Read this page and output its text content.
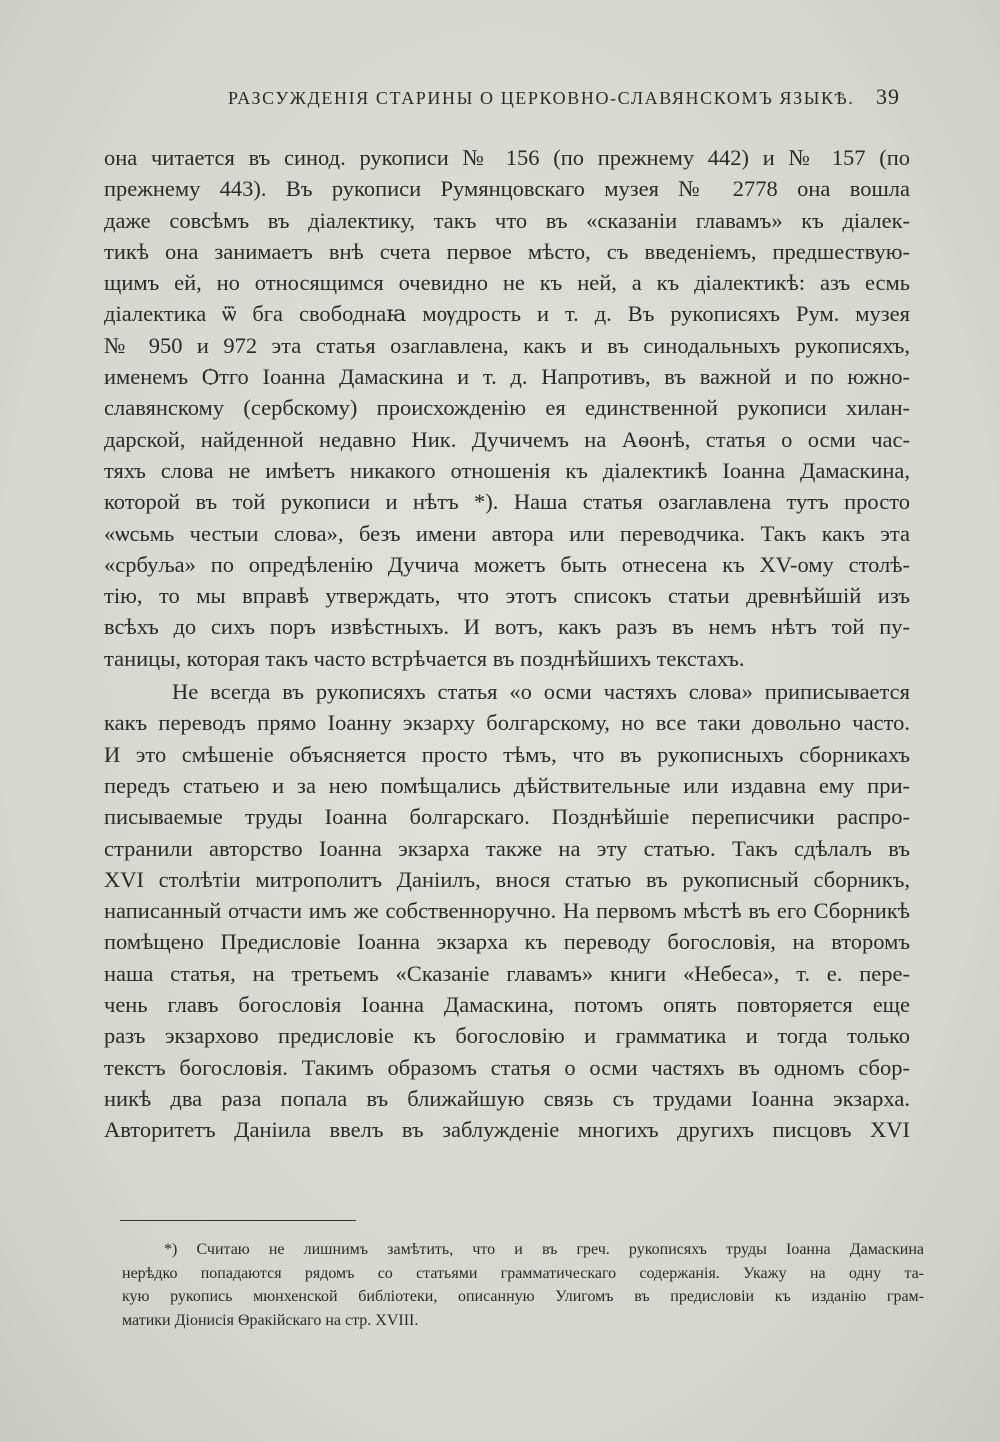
РАЗСУЖДЕНІЯ СТАРИНЫ О ЦЕРКОВНО-СЛАВЯНСКОМЪ ЯЗЫКѢ. 39
она читается въ синод. рукописи № 156 (по прежнему 442) и № 157 (по
прежнему 443). Въ рукописи Румянцовскаго музея № 2778 она вошла
даже совсѣмъ въ діалектику, такъ что въ «сказаніи главамъ» къ діалек-
тикѣ она занимаетъ внѣ счета первое мѣсто, съ введеніемъ, предшествую-
щимъ ей, но относящимся очевидно не къ ней, а къ діалектикѣ: азъ есмь
діалектика ѿ бга свободнаꙗ мѹдрость и т. д. Въ рукописяхъ Рум. музея
№ 950 и 972 эта статья озаглавлена, какъ и въ синодальныхъ рукописяхъ,
именемъ Ѻтго Іоанна Дамаскина и т. д. Напротивъ, въ важной и по южно-
славянскому (сербскому) происхожденію ея единственной рукописи хилан-
дарской, найденной недавно Ник. Дучичемъ на Аѳонѣ, статья о осми час-
тяхъ слова не имѣетъ никакого отношенія къ діалектикѣ Іоанна Дамаскина,
которой въ той рукописи и нѣтъ *). Наша статья озаглавлена тутъ просто
«ѡсьмь честыи слова», безъ имени автора или переводчика. Такъ какъ эта
«србуља» по опредѣленію Дучича можетъ быть отнесена къ XV-ому столѣ-
тію, то мы вправѣ утверждать, что этотъ списокъ статьи древнѣйшій изъ
всѣхъ до сихъ поръ извѣстныхъ. И вотъ, какъ разъ въ немъ нѣтъ той пу-
таницы, которая такъ часто встрѣчается въ позднѣйшихъ текстахъ.
Не всегда въ рукописяхъ статья «о осми частяхъ слова» приписывается
какъ переводъ прямо Іоанну экзарху болгарскому, но все таки довольно часто.
И это смѣшеніе объясняется просто тѣмъ, что въ рукописныхъ сборникахъ
передъ статьею и за нею помѣщались дѣйствительные или издавна ему при-
писываемые труды Іоанна болгарскаго. Позднѣйшіе переписчики распро-
странили авторство Іоанна экзарха также на эту статью. Такъ сдѣлалъ въ
XVI столѣтіи митрополитъ Даніилъ, внося статью въ рукописный сборникъ,
написанный отчасти имъ же собственноручно. На первомъ мѣстѣ въ его Сборникѣ
помѣщено Предисловіе Іоанна экзарха къ переводу богословія, на второмъ
наша статья, на третьемъ «Сказаніе главамъ» книги «Небеса», т. е. пере-
чень главъ богословія Іоанна Дамаскина, потомъ опять повторяется еще
разъ экзархово предисловіе къ богословію и грамматика и тогда только
текстъ богословія. Такимъ образомъ статья о осми частяхъ въ одномъ сбор-
никѣ два раза попала въ ближайшую связь съ трудами Іоанна экзарха.
Авторитетъ Даніила ввелъ въ заблужденіе многихъ другихъ писцовъ XVI
*) Считаю не лишнимъ замѣтить, что и въ греч. рукописяхъ труды Іоанна Дамаскина
нерѣдко попадаются рядомъ со статьями грамматическаго содержанія. Укажу на одну та-
кую рукопись мюнхенской библіотеки, описанную Улигомъ въ предисловіи къ изданію грам-
матики Діонисія Ѳракійскаго на стр. XVIII.
